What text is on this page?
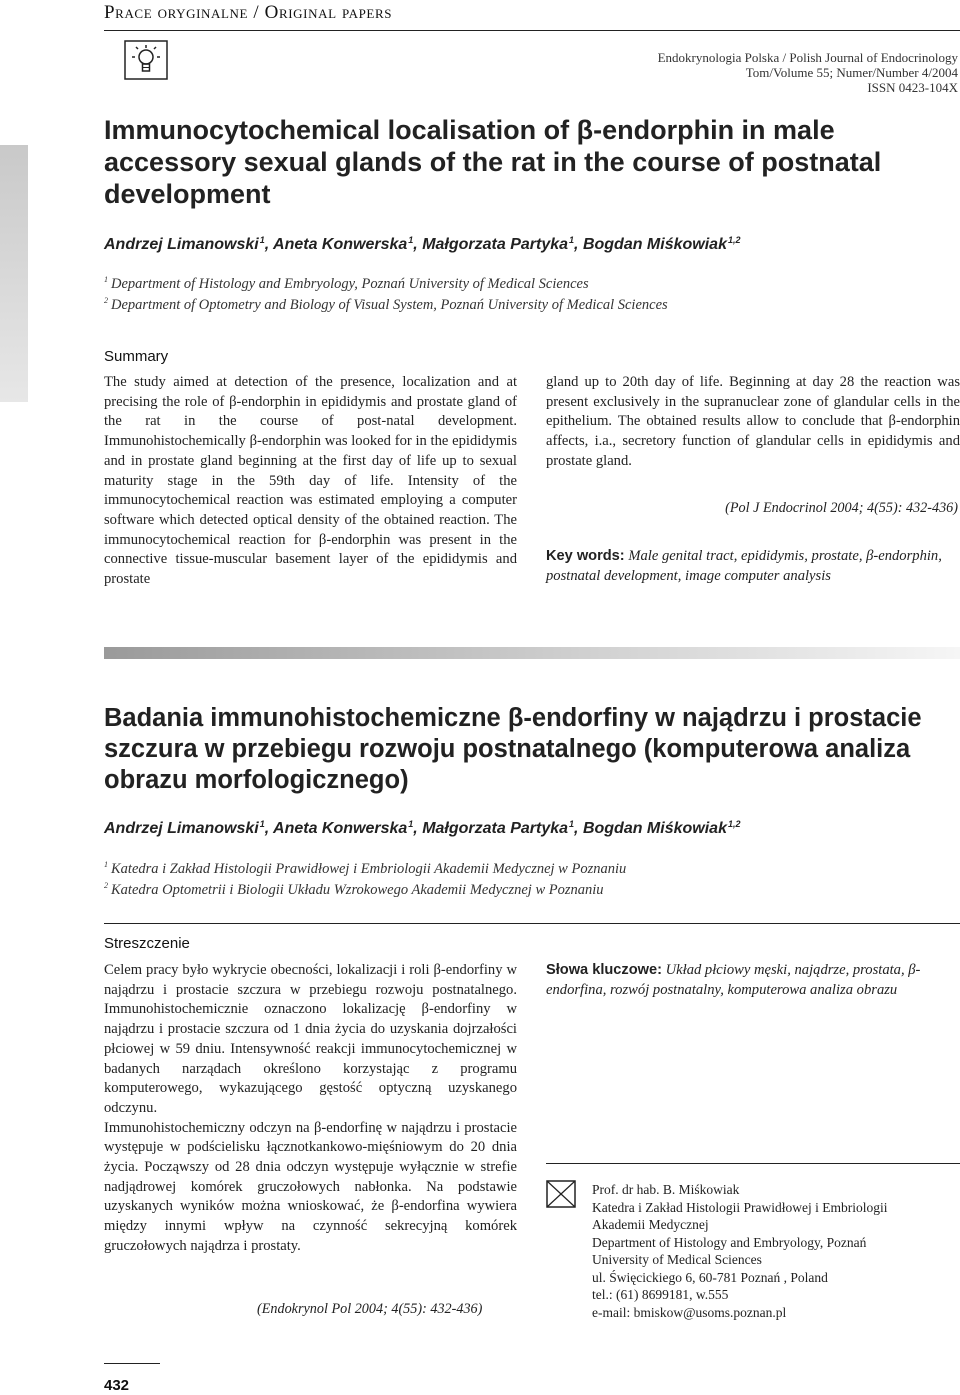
Prace oryginalne / Original papers
Endokrynologia Polska / Polish Journal of Endocrinology
Tom/Volume 55; Numer/Number 4/2004
ISSN 0423-104X
Immunocytochemical localisation of β-endorphin in male accessory sexual glands of the rat in the course of postnatal development
Andrzej Limanowski$^1$, Aneta Konwerska$^1$, Małgorzata Partyka$^1$, Bogdan Miśkowiak$^{1,2}$
$^1$ Department of Histology and Embryology, Poznań University of Medical Sciences
$^2$ Department of Optometry and Biology of Visual System, Poznań University of Medical Sciences
Summary

The study aimed at detection of the presence, localization and at precising the role of β-endorphin in epididymis and prostate gland of the rat in the course of post-natal development. Immunohistochemically β-endorphin was looked for in the epididymis and in prostate gland beginning at the first day of life up to sexual maturity stage in the 59th day of life. Intensity of the immunocytochemical reaction was estimated employing a computer software which detected optical density of the obtained reaction. The immunocytochemical reaction for β-endorphin was present in the connective tissue-muscular basement layer of the epididymis and prostate

gland up to 20th day of life. Beginning at day 28 the reaction was present exclusively in the supranuclear zone of glandular cells in the epithelium. The obtained results allow to conclude that β-endorphin affects, i.a., secretory function of glandular cells in epididymis and prostate gland.

(Pol J Endocrinol 2004; 4(55): 432-436)
Key words: Male genital tract, epididymis, prostate, β-endorphin, postnatal development, image computer analysis
Badania immunohistochemiczne β-endorfiny w najądrzu i prostacie szczura w przebiegu rozwoju postnatalnego (komputerowa analiza obrazu morfologicznego)
Andrzej Limanowski$^1$, Aneta Konwerska$^1$, Małgorzata Partyka$^1$, Bogdan Miśkowiak$^{1,2}$
$^1$ Katedra i Zakład Histologii Prawidłowej i Embriologii Akademii Medycznej w Poznaniu
$^2$ Katedra Optometrii i Biologii Układu Wzrokowego Akademii Medycznej w Poznaniu
Streszczenie

Celem pracy było wykrycie obecności, lokalizacji i roli β-endorfiny w najądrzu i prostacie szczura w przebiegu rozwoju postnatalnego. Immunohistochemicznie oznaczono lokalizację β-endorfiny w najądrzu i prostacie szczura od 1 dnia życia do uzyskania dojrzałości płciowej w 59 dniu. Intensywność reakcji immunocytochemicznej w badanych narządach określono korzystając z programu komputerowego, wykazującego gęstość optyczną uzyskanego odczynu.

Immunohistochemiczny odczyn na β-endorfinę w najądrzu i prostacie występuje w podścielisku łącznotkankowo-mięśniowym do 20 dnia życia. Począwszy od 28 dnia odczyn występuje wyłącznie w strefie nadjądrowej komórek gruczołowych nabłonka. Na podstawie uzyskanych wyników można wnioskować, że β-endorfina wywiera między innymi wpływ na czynność sekrecyjną komórek gruczołowych najądrza i prostaty.

(Endokrynol Pol 2004; 4(55): 432-436)
Słowa kluczowe: Układ płciowy męski, najądrze, prostata, β-endorfina, rozwój postnatalny, komputerowa analiza obrazu
Prof. dr hab. B. Miśkowiak
Katedra i Zakład Histologii Prawidłowej i Embriologii
Akademii Medycznej
Department of Histology and Embryology, Poznań
University of Medical Sciences
ul. Święcickiego 6, 60-781 Poznań , Poland
tel.: (61) 8699181, w.555
e-mail: bmiskow@usoms.poznan.pl
432
